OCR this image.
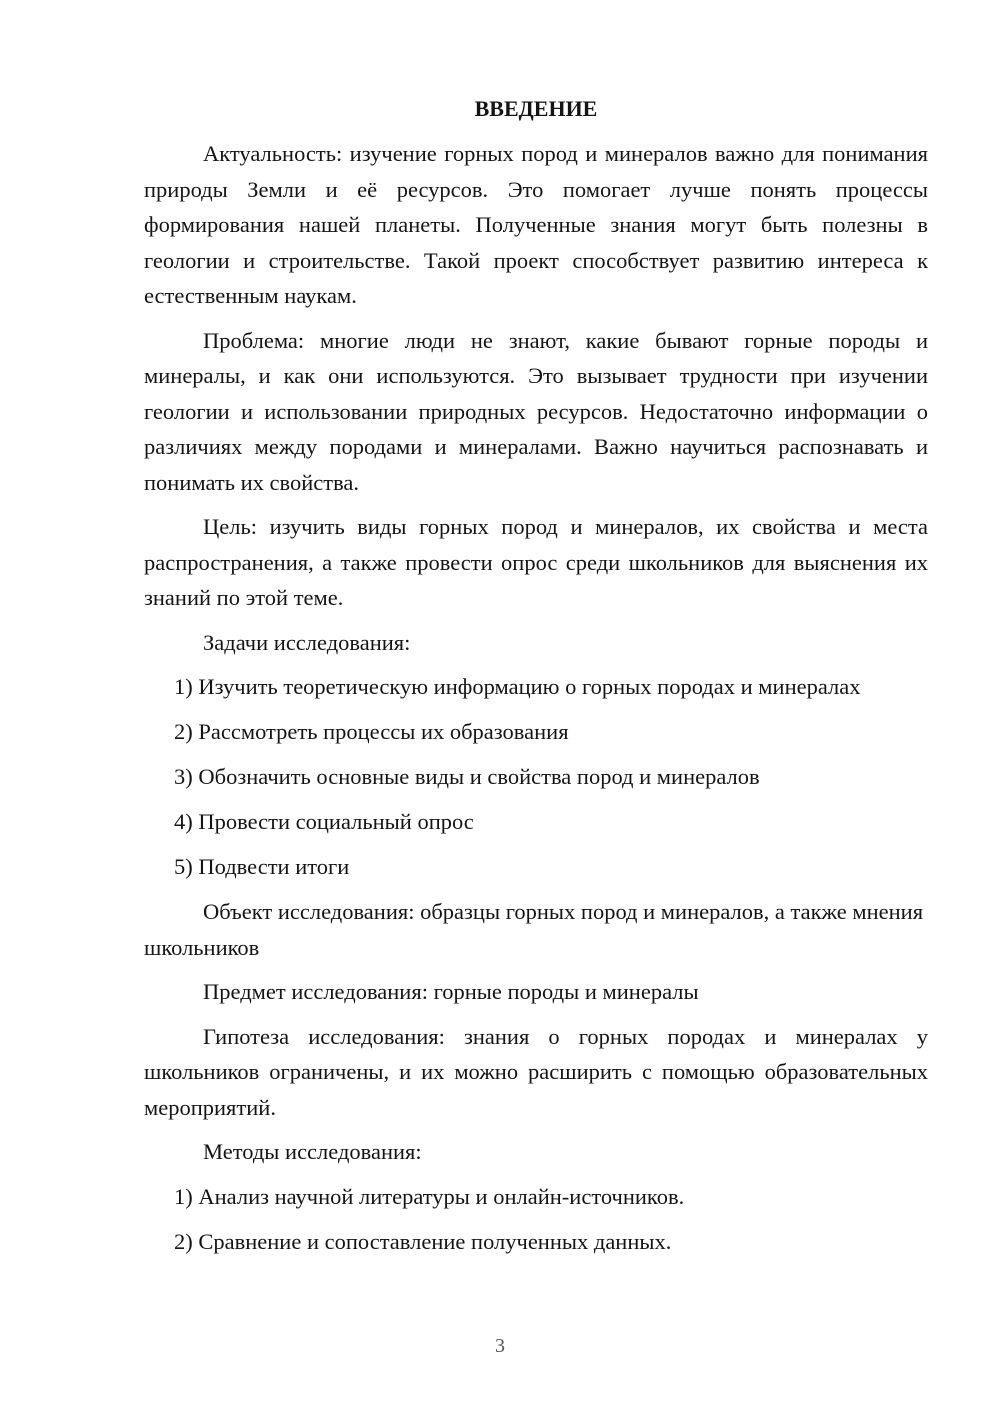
ВВЕДЕНИЕ

Актуальность: изучение горных пород и минералов важно для понимания природы Земли и её ресурсов. Это помогает лучше понять процессы формирования нашей планеты. Полученные знания могут быть полезны в геологии и строительстве. Такой проект способствует развитию интереса к естественным наукам.

Проблема: многие люди не знают, какие бывают горные породы и минералы, и как они используются. Это вызывает трудности при изучении геологии и использовании природных ресурсов. Недостаточно информации о различиях между породами и минералами. Важно научиться распознавать и понимать их свойства.

Цель: изучить виды горных пород и минералов, их свойства и места распространения, а также провести опрос среди школьников для выяснения их знаний по этой теме.

Задачи исследования:

1) Изучить теоретическую информацию о горных породах и минералах

2) Рассмотреть процессы их образования

3) Обозначить основные виды и свойства пород и минералов

4) Провести социальный опрос

5) Подвести итоги

Объект исследования: образцы горных пород и минералов, а также мнения школьников

Предмет исследования: горные породы и минералы

Гипотеза исследования: знания о горных породах и минералах у школьников ограничены, и их можно расширить с помощью образовательных мероприятий.

Методы исследования:

1) Анализ научной литературы и онлайн-источников.

2) Сравнение и сопоставление полученных данных.

3
